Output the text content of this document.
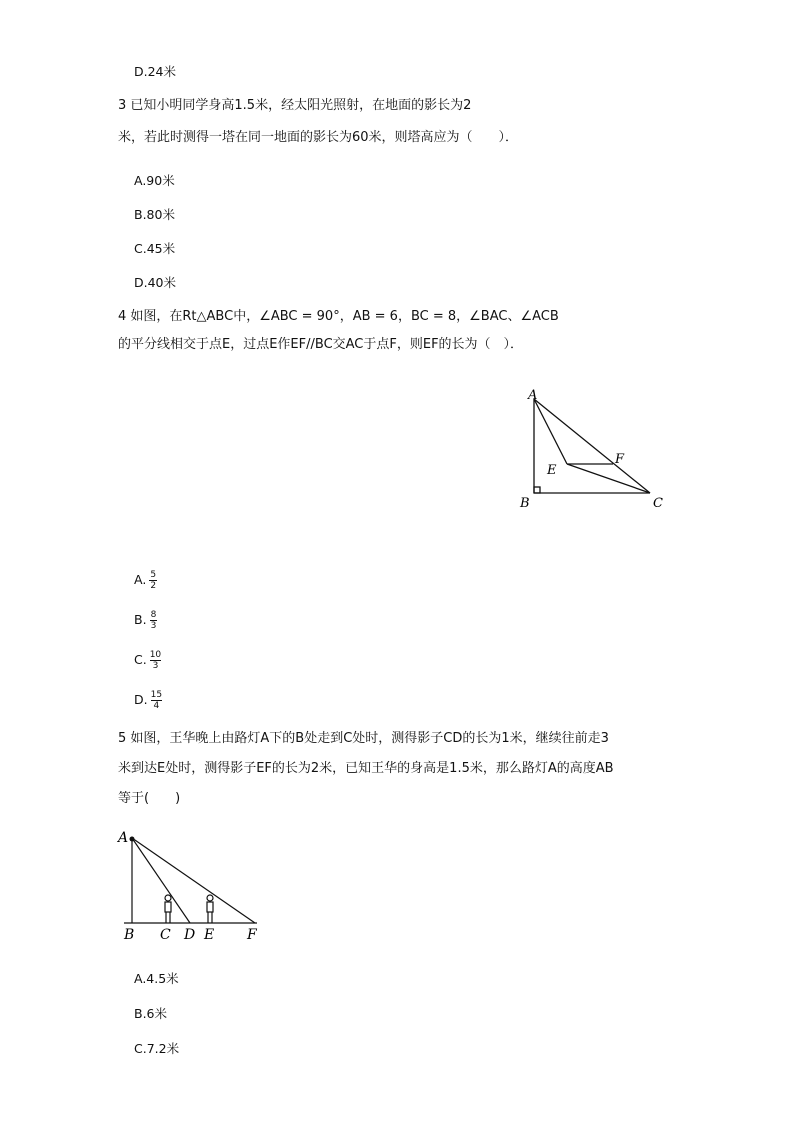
D.24米
3 已知小明同学身高1.5米，经太阳光照射，在地面的影长为2
米，若此时测得一塔在同一地面的影长为60米，则塔高应为（　　）．
A.90米
B.80米
C.45米
D.40米
4 如图，在Rt△ABC中，∠ABC = 90°，AB = 6，BC = 8，∠BAC、∠ACB
的平分线相交于点E，过点E作EF//BC交AC于点F，则EF的长为（　）．
A
B	C
E
F
A. $\frac{5}{2}$
B. $\frac{8}{3}$
C. $\frac{10}{3}$
D. $\frac{15}{4}$
5 如图，王华晚上由路灯A下的B处走到C处时，测得影子CD的长为1米，继续往前走3
米到达E处时，测得影子EF的长为2米，已知王华的身高是1.5米，那么路灯A的高度AB
等于(　　)
A
B C D E F
A.4.5米
B.6米
C.7.2米
